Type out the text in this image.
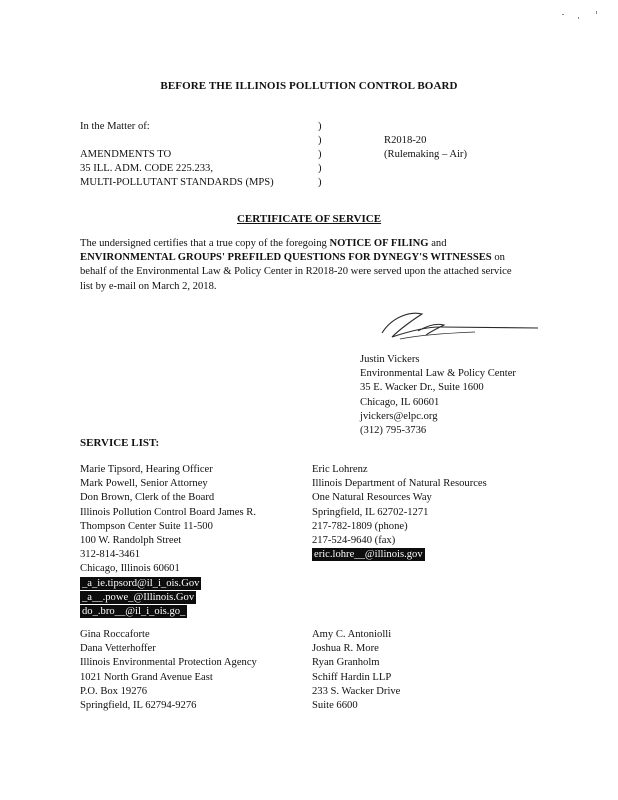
BEFORE THE ILLINOIS POLLUTION CONTROL BOARD
In the Matter of:
AMENDMENTS TO
35 ILL. ADM. CODE 225.233,
MULTI-POLLUTANT STANDARDS (MPS)
)
)
)
)
)
R2018-20
(Rulemaking – Air)
CERTIFICATE OF SERVICE
The undersigned certifies that a true copy of the foregoing NOTICE OF FILING and ENVIRONMENTAL GROUPS' PREFILED QUESTIONS FOR DYNEGY'S WITNESSES on behalf of the Environmental Law & Policy Center in R2018-20 were served upon the attached service list by e-mail on March 2, 2018.
Justin Vickers
Environmental Law & Policy Center
35 E. Wacker Dr., Suite 1600
Chicago, IL 60601
jvickers@elpc.org
(312) 795-3736
SERVICE LIST:
Marie Tipsord, Hearing Officer
Mark Powell, Senior Attorney
Don Brown, Clerk of the Board
Illinois Pollution Control Board James R.
Thompson Center Suite 11-500
100 W. Randolph Street
312-814-3461
Chicago, Illinois 60601
_a_ie.tipsord@il_i_ois.Gov
_a__.powe_@Illinois.Gov
do_.bro__@il_i_ois.go_
Eric Lohrenz
Illinois Department of Natural Resources
One Natural Resources Way
Springfield, IL 62702-1271
217-782-1809 (phone)
217-524-9640 (fax)
eric.lohre__@illinois.gov
Gina Roccaforte
Dana Vetterhoffer
Illinois Environmental Protection Agency
1021 North Grand Avenue East
P.O. Box 19276
Springfield, IL 62794-9276
Amy C. Antoniolli
Joshua R. More
Ryan Granholm
Schiff Hardin LLP
233 S. Wacker Drive
Suite 6600
